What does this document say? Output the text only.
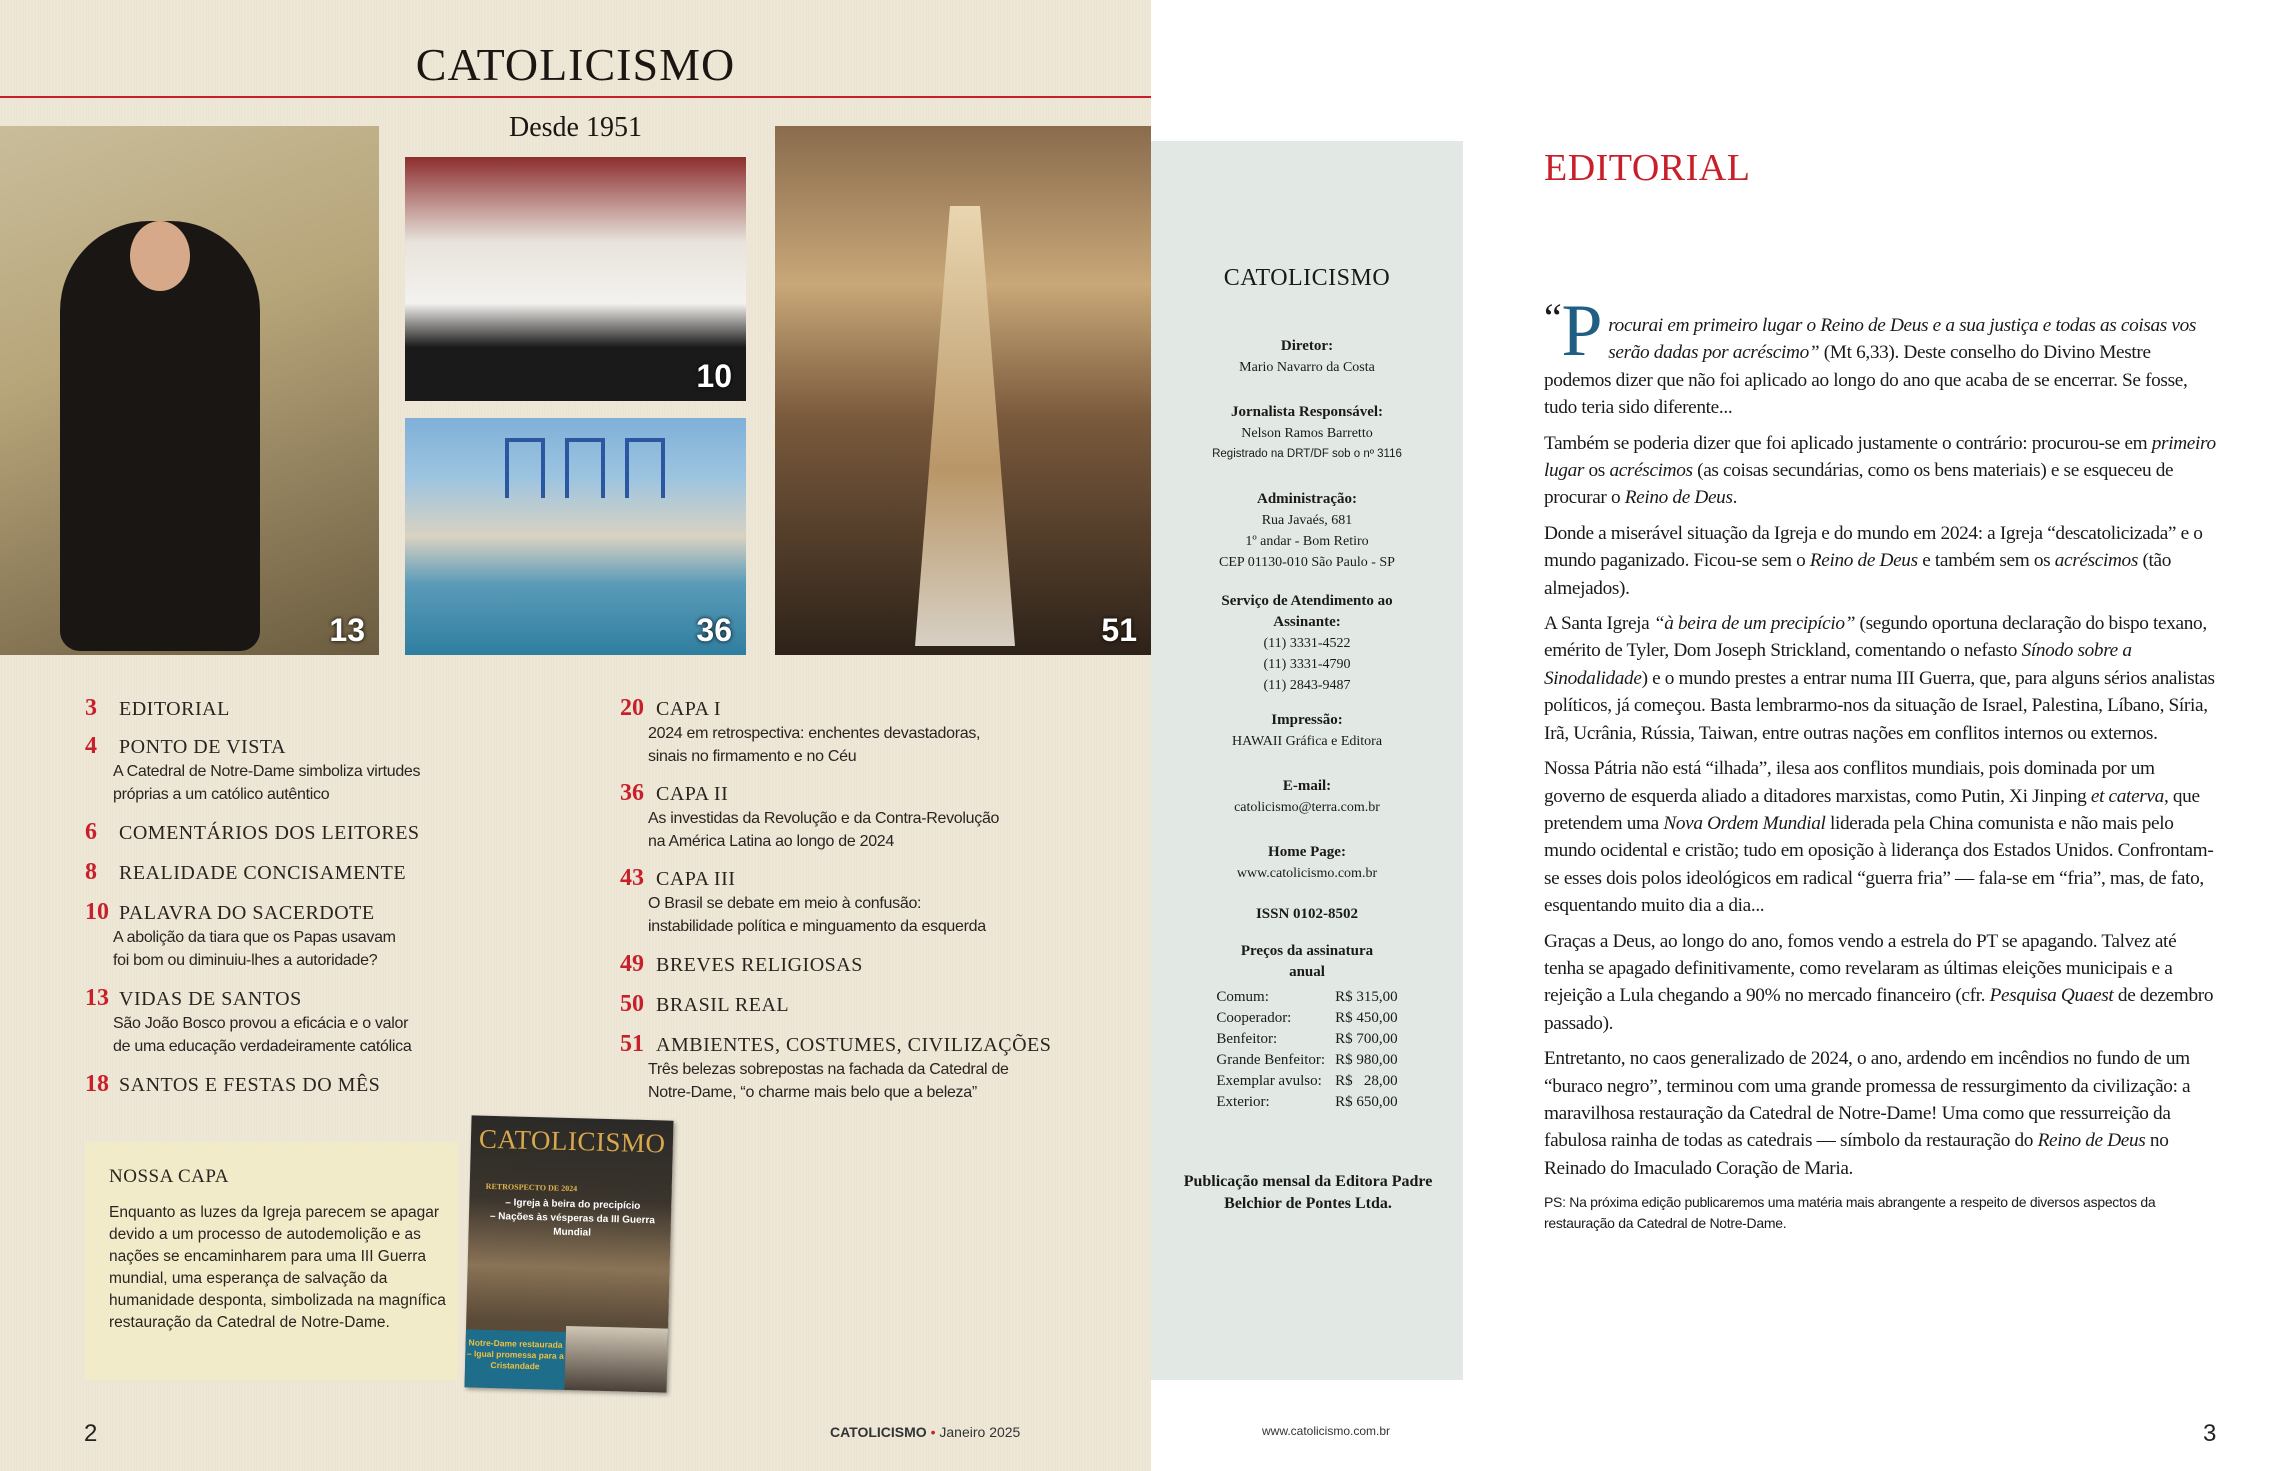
CATOLICISMO
Desde 1951
13
10
36	51
3 EDITORIAL
4 PONTO DE VISTA
A Catedral de Notre-Dame simboliza virtudes
próprias a um católico autêntico
6 COMENTÁRIOS DOS LEITORES
8 REALIDADE CONCISAMENTE
10 PALAVRA DO SACERDOTE
A abolição da tiara que os Papas usavam
foi bom ou diminuiu-lhes a autoridade?
13 VIDAS DE SANTOS
São João Bosco provou a eficácia e o valor
de uma educação verdadeiramente católica
18 SANTOS E FESTAS DO MÊS
20 CAPA I
2024 em retrospectiva: enchentes devastadoras,
sinais no firmamento e no Céu
36 CAPA II
As investidas da Revolução e da Contra-Revolução
na América Latina ao longo de 2024
43 CAPA III
O Brasil se debate em meio à confusão:
instabilidade política e minguamento da esquerda
49 BREVES RELIGIOSAS
50 BRASIL REAL
51 AMBIENTES, COSTUMES, CIVILIZAÇÕES
Três belezas sobrepostas na fachada da Catedral de
Notre-Dame, “o charme mais belo que a beleza”
NOSSA CAPA

Enquanto as luzes da Igreja parecem se apagar devido a um processo de autodemolição e as nações se encaminharem para uma III Guerra mundial, uma esperança de salvação da humanidade desponta, simbolizada na magnífica restauração da Catedral de Notre-Dame.

CATOLICISMO
RETROSPECTO DE 2024
– Igreja à beira do precipício
– Nações às vésperas da III Guerra Mundial
Notre-Dame restaurada – Igual promessa para a Cristandade
2	CATOLICISMO • Janeiro 2025
CATOLICISMO
Diretor:
Mario Navarro da Costa
Jornalista Responsável:
Nelson Ramos Barretto
Registrado na DRT/DF sob o nº 3116
Administração:
Rua Javaés, 681
1º andar - Bom Retiro
CEP 01130-010 São Paulo - SP
Serviço de Atendimento ao Assinante:
(11) 3331-4522
(11) 3331-4790
(11) 2843-9487
Impressão:
HAWAII Gráfica e Editora
E-mail:
catolicismo@terra.com.br
Home Page:
www.catolicismo.com.br
ISSN 0102-8502
Preços da assinatura anual
Comum:	R$ 315,00
Cooperador:	R$ 450,00
Benfeitor:	R$ 700,00
Grande Benfeitor:	R$ 980,00
Exemplar avulso:	R$   28,00
Exterior:	R$ 650,00
Publicação mensal da Editora Padre Belchior de Pontes Ltda.
www.catolicismo.com.br
EDITORIAL

“ P rocurai em primeiro lugar o Reino de Deus e a sua justiça e todas as coisas vos serão dadas por acréscimo” (Mt 6,33). Deste conselho do Divino Mestre podemos dizer que não foi aplicado ao longo do ano que acaba de se encerrar. Se fosse, tudo teria sido diferente...

Também se poderia dizer que foi aplicado justamente o contrário: procurou-se em primeiro lugar os acréscimos (as coisas secundárias, como os bens materiais) e se esqueceu de procurar o Reino de Deus.

Donde a miserável situação da Igreja e do mundo em 2024: a Igreja “descatolicizada” e o mundo paganizado. Ficou-se sem o Reino de Deus e também sem os acréscimos (tão almejados).

A Santa Igreja “à beira de um precipício” (segundo oportuna declaração do bispo texano, emérito de Tyler, Dom Joseph Strickland, comentando o nefasto Sínodo sobre a Sinodalidade) e o mundo prestes a entrar numa III Guerra, que, para alguns sérios analistas políticos, já começou. Basta lembrarmo-nos da situação de Israel, Palestina, Líbano, Síria, Irã, Ucrânia, Rússia, Taiwan, entre outras nações em conflitos internos ou externos.

Nossa Pátria não está “ilhada”, ilesa aos conflitos mundiais, pois dominada por um governo de esquerda aliado a ditadores marxistas, como Putin, Xi Jinping et caterva, que pretendem uma Nova Ordem Mundial liderada pela China comunista e não mais pelo mundo ocidental e cristão; tudo em oposição à liderança dos Estados Unidos. Confrontam-se esses dois polos ideológicos em radical “guerra fria” — fala-se em “fria”, mas, de fato, esquentando muito dia a dia...

Graças a Deus, ao longo do ano, fomos vendo a estrela do PT se apagando. Talvez até tenha se apagado definitivamente, como revelaram as últimas eleições municipais e a rejeição a Lula chegando a 90% no mercado financeiro (cfr. Pesquisa Quaest de dezembro passado).

Entretanto, no caos generalizado de 2024, o ano, ardendo em incêndios no fundo de um “buraco negro”, terminou com uma grande promessa de ressurgimento da civilização: a maravilhosa restauração da Catedral de Notre-Dame! Uma como que ressurreição da fabulosa rainha de todas as catedrais — símbolo da restauração do Reino de Deus no Reinado do Imaculado Coração de Maria.

PS: Na próxima edição publicaremos uma matéria mais abrangente a respeito de diversos aspectos da restauração da Catedral de Notre-Dame.
3
